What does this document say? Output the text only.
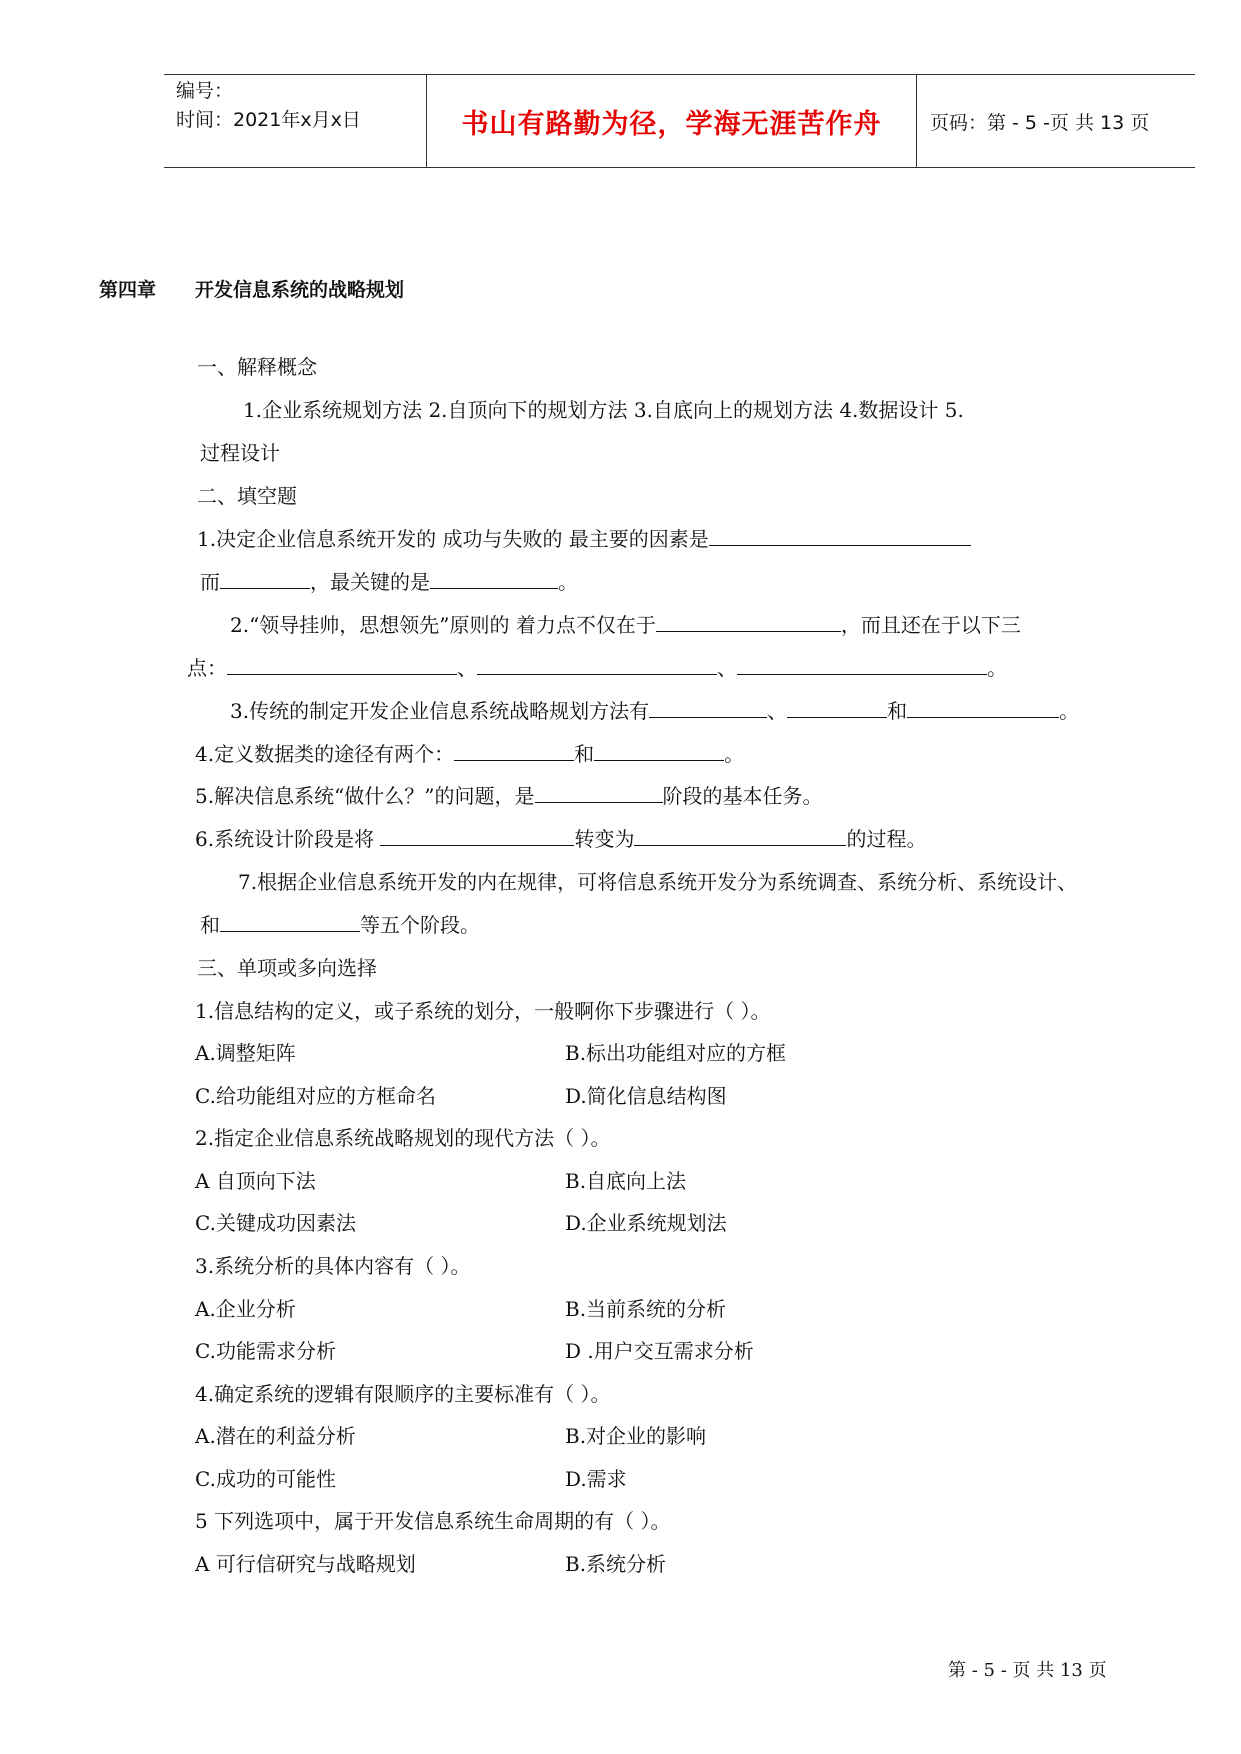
编号：
时间：2021年x月x日	书山有路勤为径，学海无涯苦作舟	页码：第 - 5 -页 共 13 页
第四章 开发信息系统的战略规划
一、解释概念
1.企业系统规划方法 2.自顶向下的规划方法 3.自底向上的规划方法 4.数据设计 5.
过程设计
二、填空题
1.决定企业信息系统开发的 成功与失败的 最主要的因素是
而	，最关键的是	。
2.“领导挂帅，思想领先”原则的 着力点不仅在于	，而且还在于以下三
点：	、	、	。
3.传统的制定开发企业信息系统战略规划方法有	、	和	。
4.定义数据类的途径有两个：	和	。
5.解决信息系统“做什么？”的问题，是	阶段的基本任务。
6.系统设计阶段是将	转变为	的过程。
7.根据企业信息系统开发的内在规律，可将信息系统开发分为系统调查、系统分析、系统设计、
和	等五个阶段。
三、单项或多向选择
1.信息结构的定义，或子系统的划分，一般啊你下步骤进行（ ）。
A.调整矩阵	B.标出功能组对应的方框
C.给功能组对应的方框命名	D.简化信息结构图
2.指定企业信息系统战略规划的现代方法（ ）。
A 自顶向下法	B.自底向上法
C.关键成功因素法	D.企业系统规划法
3.系统分析的具体内容有（ ）。
A.企业分析	B.当前系统的分析
C.功能需求分析	D .用户交互需求分析
4.确定系统的逻辑有限顺序的主要标准有（ ）。
A.潜在的利益分析	B.对企业的影响
C.成功的可能性	D.需求
5 下列选项中，属于开发信息系统生命周期的有（ ）。
A 可行信研究与战略规划	B.系统分析
第 - 5 - 页 共 13 页
